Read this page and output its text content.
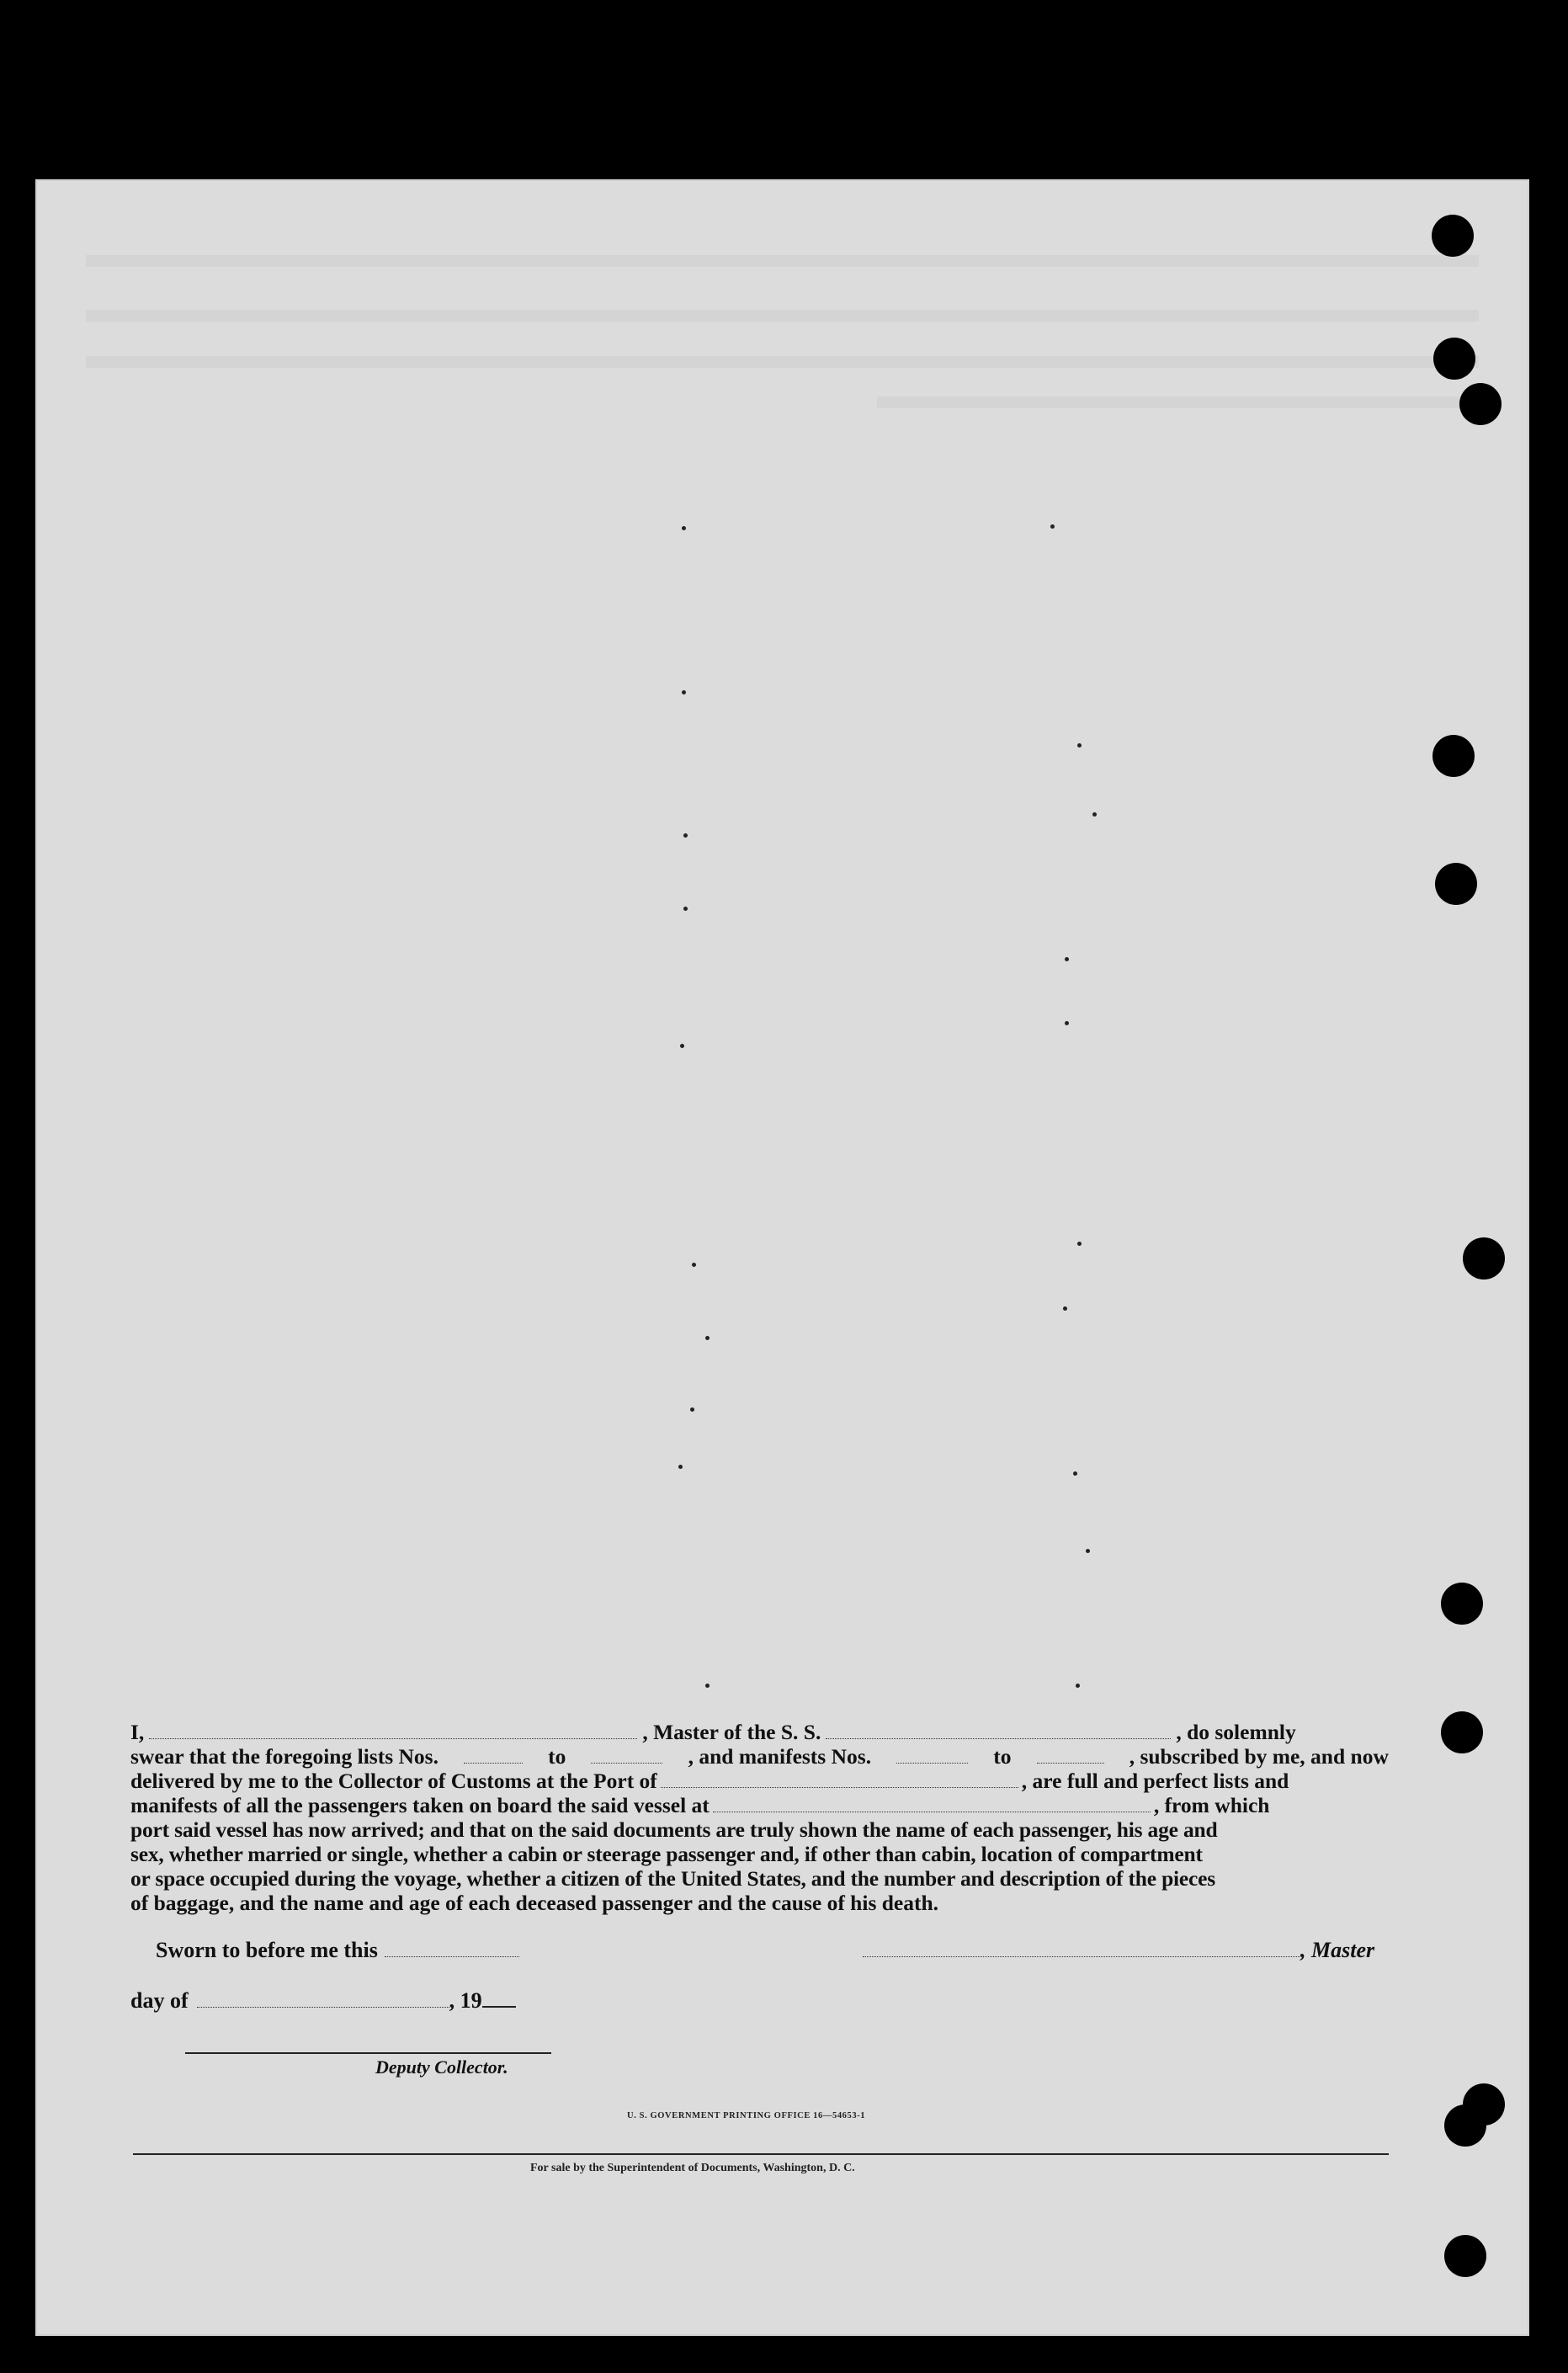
I,	, Master of the S. S.	, do solemnly
swear that the foregoing lists Nos.	to	, and manifests Nos.	to	, subscribed by me, and now
delivered by me to the Collector of Customs at the Port of	, are full and perfect lists and
manifests of all the passengers taken on board the said vessel at	, from which
port said vessel has now arrived; and that on the said documents are truly shown the name of each passenger, his age and
sex, whether married or single, whether a cabin or steerage passenger and, if other than cabin, location of compartment
or space occupied during the voyage, whether a citizen of the United States, and the number and description of the pieces
of baggage, and the name and age of each deceased passenger and the cause of his death.
Sworn to before me this	, Master
day of	, 19
Deputy Collector.
U. S. GOVERNMENT PRINTING OFFICE 16—54653-1
For sale by the Superintendent of Documents, Washington, D. C.
